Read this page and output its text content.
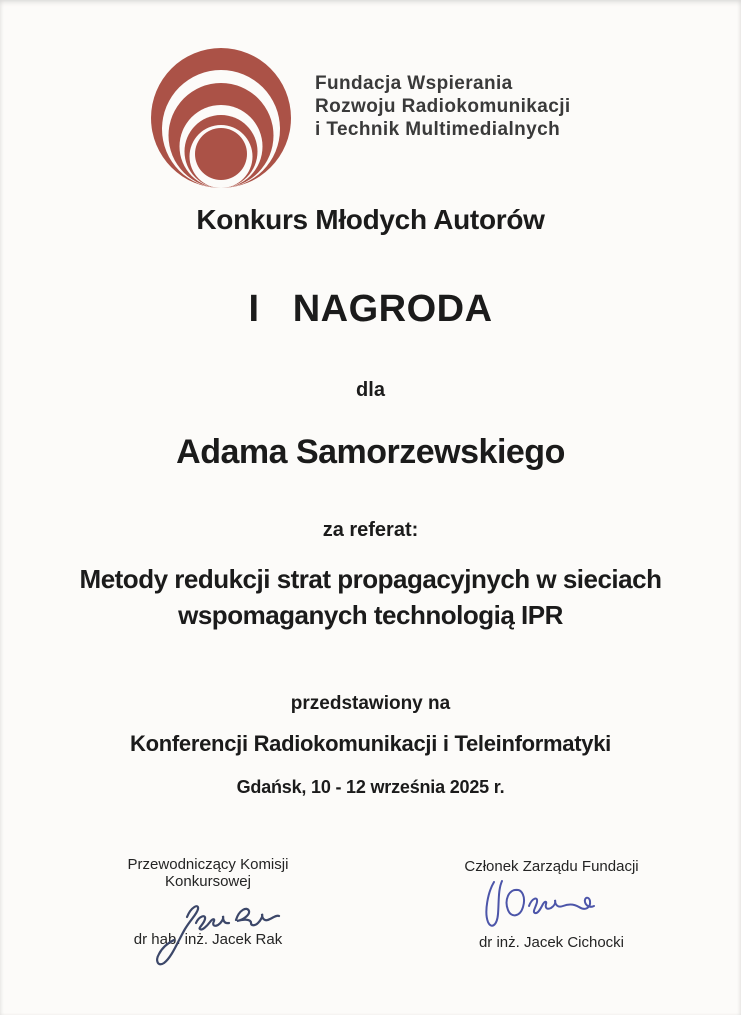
Fundacja Wspierania
Rozwoju Radiokomunikacji
i Technik Multimedialnych
Konkurs Młodych Autorów
I   NAGRODA
dla
Adama Samorzewskiego
za referat:
Metody redukcji strat propagacyjnych w sieciach
wspomaganych technologią IPR
przedstawiony na
Konferencji Radiokomunikacji i Teleinformatyki
Gdańsk, 10 - 12 września 2025 r.
Przewodniczący Komisji Konkursowej
Członek Zarządu Fundacji
dr hab. inż. Jacek Rak	dr inż. Jacek Cichocki
